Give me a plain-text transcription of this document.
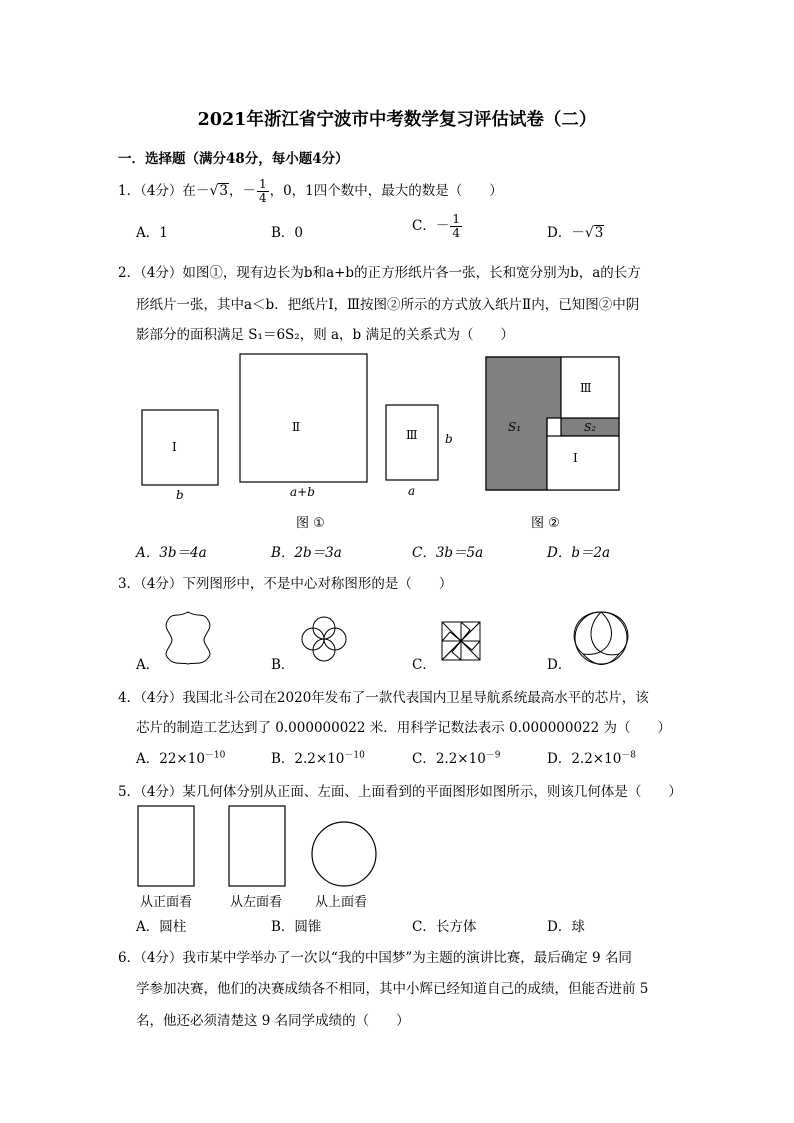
2021年浙江省宁波市中考数学复习评估试卷（二）
一．选择题（满分48分，每小题4分）
1．（4分）在－√3，－ $\frac{1}{4}$ ，0，1四个数中，最大的数是（　　）
A．1	B．0	C．－ $\frac{1}{4}$	D．－√3
2．（4分）如图①，现有边长为b和a+b的正方形纸片各一张，长和宽分别为b，a的长方
形纸片一张，其中a＜b．把纸片Ⅰ，Ⅲ按图②所示的方式放入纸片Ⅱ内，已知图②中阴
影部分的面积满足 S₁＝6S₂，则 a，b 满足的关系式为（　　）
Ⅰ
b
Ⅱ
a+b
Ⅲ b
a
S₁	S₂
Ⅲ
Ⅰ
图 ①	图 ②
A．3b＝4a	B．2b＝3a	C．3b＝5a	D．b＝2a
3．（4分）下列图形中，不是中心对称图形的是（　　）
A．	B．	C．	D．
4．（4分）我国北斗公司在2020年发布了一款代表国内卫星导航系统最高水平的芯片，该
芯片的制造工艺达到了 0.000000022 米．用科学记数法表示 0.000000022 为（　　）
A．$22\times 10^{-10}$	B．$2.2\times 10^{-10}$	C．$2.2\times 10^{-9}$	D．$2.2\times 10^{-8}$
5．（4分）某几何体分别从正面、左面、上面看到的平面图形如图所示，则该几何体是（　　）
从正面看	从左面看	从上面看
A．圆柱	B．圆锥	C．长方体	D．球
6．（4分）我市某中学举办了一次以“我的中国梦”为主题的演讲比赛，最后确定 9 名同
学参加决赛，他们的决赛成绩各不相同，其中小辉已经知道自己的成绩，但能否进前 5
名，他还必须清楚这 9 名同学成绩的（　　）
